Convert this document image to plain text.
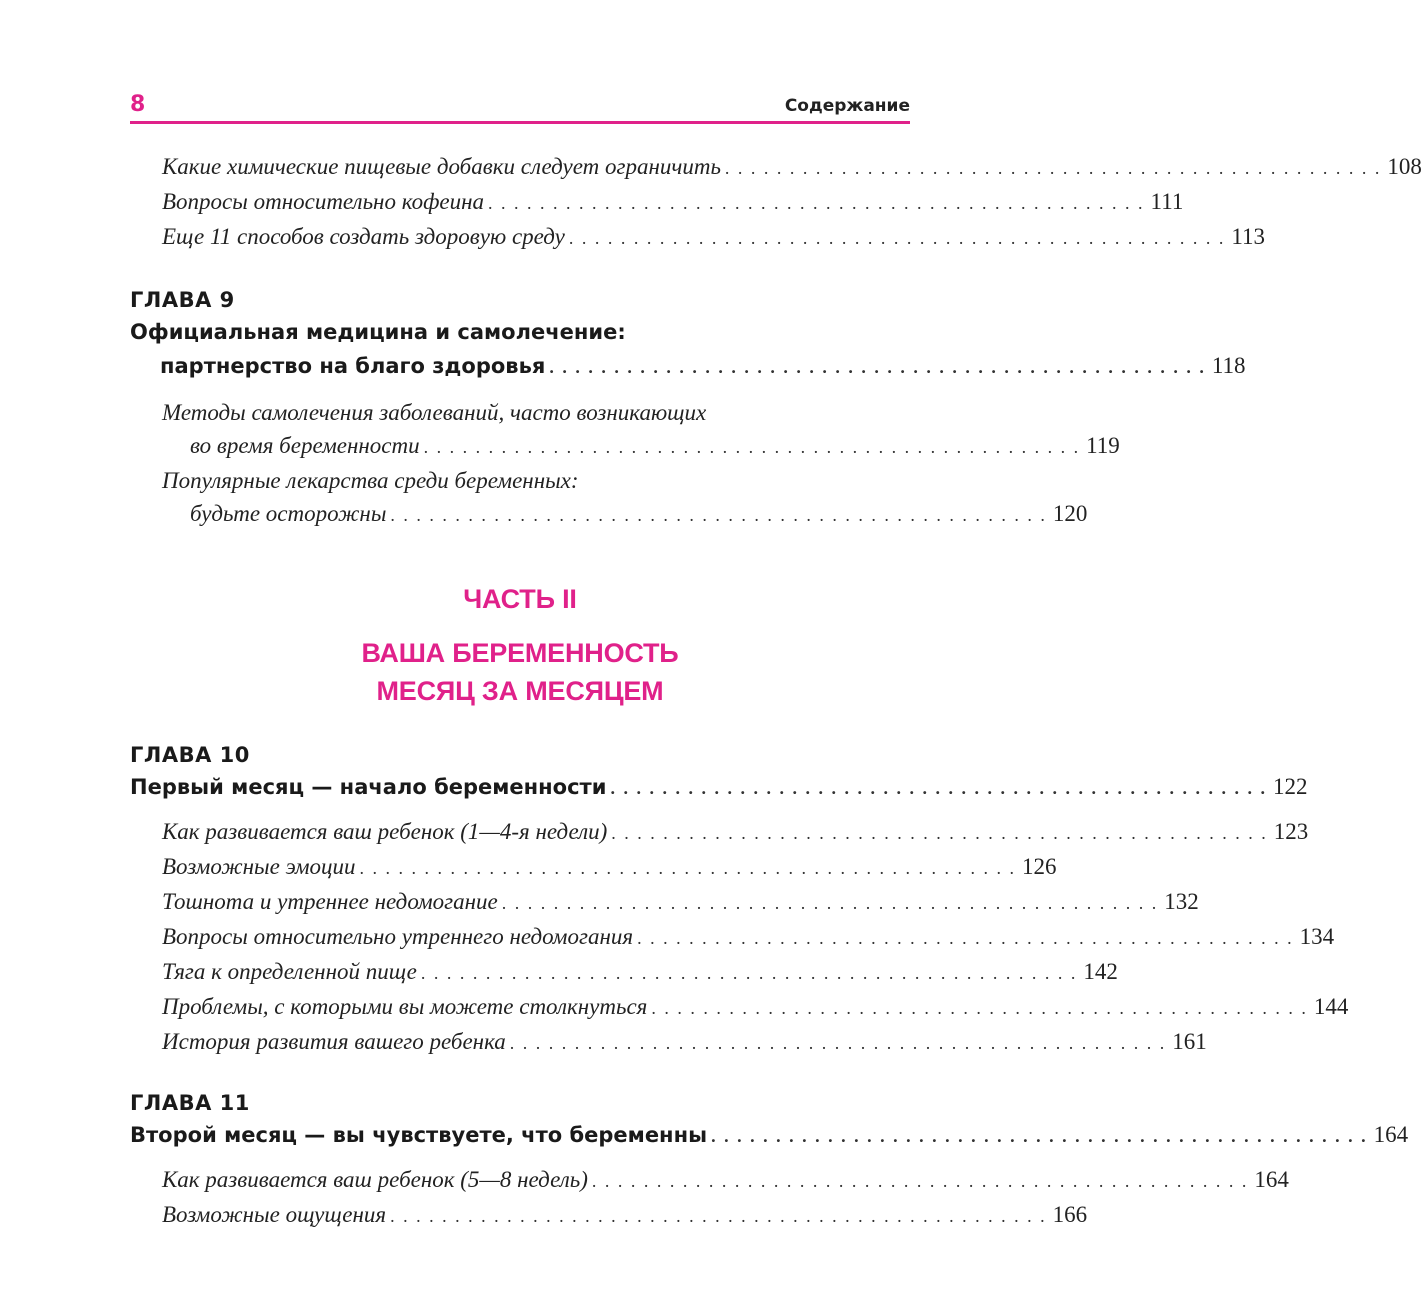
8	Содержание
Какие химические пищевые добавки следует ограничить . . . . . . . . . . . . . . . . . . . . . . . . . . . . . . . . . . . . . . . . . . . . . . . . . . . 108
Вопросы относительно кофеина . . . . . . . . . . . . . . . . . . . . . . . . . . . . . . . . . . . . . . . . . . . . . . . . . . . 111
Еще 11 способов создать здоровую среду . . . . . . . . . . . . . . . . . . . . . . . . . . . . . . . . . . . . . . . . . . . . . . . . . . . 113
ГЛАВА 9
Официальная медицина и самолечение:
партнерство на благо здоровья . . . . . . . . . . . . . . . . . . . . . . . . . . . . . . . . . . . . . . . . . . . . . . . . . . . 118
Методы самолечения заболеваний, часто возникающих
во время беременности . . . . . . . . . . . . . . . . . . . . . . . . . . . . . . . . . . . . . . . . . . . . . . . . . . . 119
Популярные лекарства среди беременных:
будьте осторожны . . . . . . . . . . . . . . . . . . . . . . . . . . . . . . . . . . . . . . . . . . . . . . . . . . . 120
ЧАСТЬ II
ВАША БЕРЕМЕННОСТЬ
МЕСЯЦ ЗА МЕСЯЦЕМ
ГЛАВА 10
Первый месяц — начало беременности . . . . . . . . . . . . . . . . . . . . . . . . . . . . . . . . . . . . . . . . . . . . . . . . . . . 122
Как развивается ваш ребенок (1—4-я недели) . . . . . . . . . . . . . . . . . . . . . . . . . . . . . . . . . . . . . . . . . . . . . . . . . . . 123
Возможные эмоции . . . . . . . . . . . . . . . . . . . . . . . . . . . . . . . . . . . . . . . . . . . . . . . . . . . 126
Тошнота и утреннее недомогание . . . . . . . . . . . . . . . . . . . . . . . . . . . . . . . . . . . . . . . . . . . . . . . . . . . 132
Вопросы относительно утреннего недомогания . . . . . . . . . . . . . . . . . . . . . . . . . . . . . . . . . . . . . . . . . . . . . . . . . . . 134
Тяга к определенной пище . . . . . . . . . . . . . . . . . . . . . . . . . . . . . . . . . . . . . . . . . . . . . . . . . . . 142
Проблемы, с которыми вы можете столкнуться . . . . . . . . . . . . . . . . . . . . . . . . . . . . . . . . . . . . . . . . . . . . . . . . . . . 144
История развития вашего ребенка . . . . . . . . . . . . . . . . . . . . . . . . . . . . . . . . . . . . . . . . . . . . . . . . . . . 161
ГЛАВА 11
Второй месяц — вы чувствуете, что беременны . . . . . . . . . . . . . . . . . . . . . . . . . . . . . . . . . . . . . . . . . . . . . . . . . . . 164
Как развивается ваш ребенок (5—8 недель) . . . . . . . . . . . . . . . . . . . . . . . . . . . . . . . . . . . . . . . . . . . . . . . . . . . 164
Возможные ощущения . . . . . . . . . . . . . . . . . . . . . . . . . . . . . . . . . . . . . . . . . . . . . . . . . . . 166
